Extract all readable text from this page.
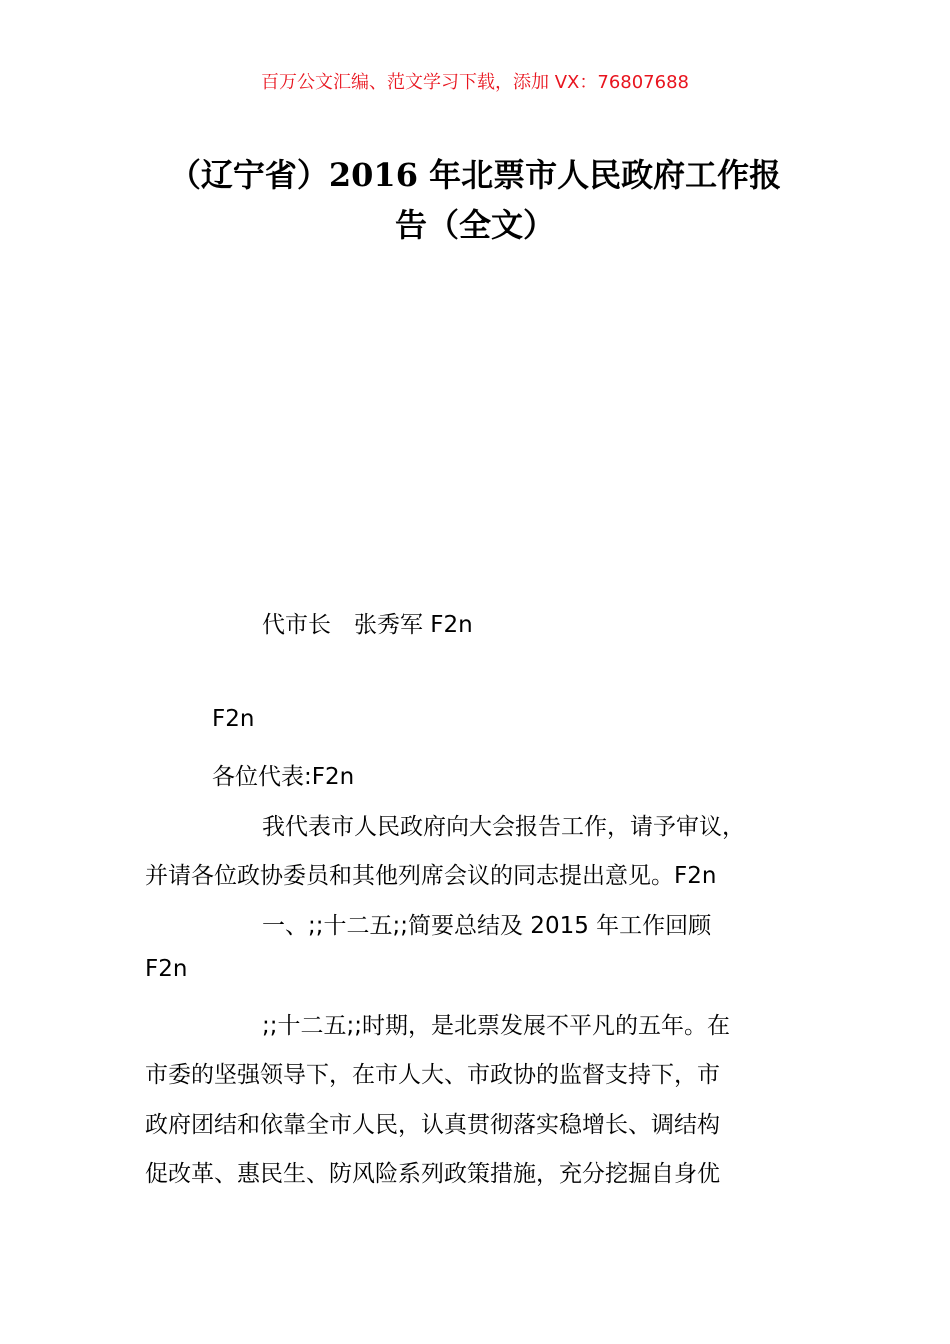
百万公文汇编、范文学习下载，添加 VX：76807688
（辽宁省）2016 年北票市人民政府工作报
告（全文）
代市长　张秀军 F2n
F2n
各位代表:F2n
我代表市人民政府向大会报告工作，请予审议，
并请各位政协委员和其他列席会议的同志提出意见。F2n
一、;;十二五;;简要总结及 2015 年工作回顾
F2n
;;十二五;;时期，是北票发展不平凡的五年。在
市委的坚强领导下，在市人大、市政协的监督支持下，市
政府团结和依靠全市人民，认真贯彻落实稳增长、调结构
促改革、惠民生、防风险系列政策措施，充分挖掘自身优
